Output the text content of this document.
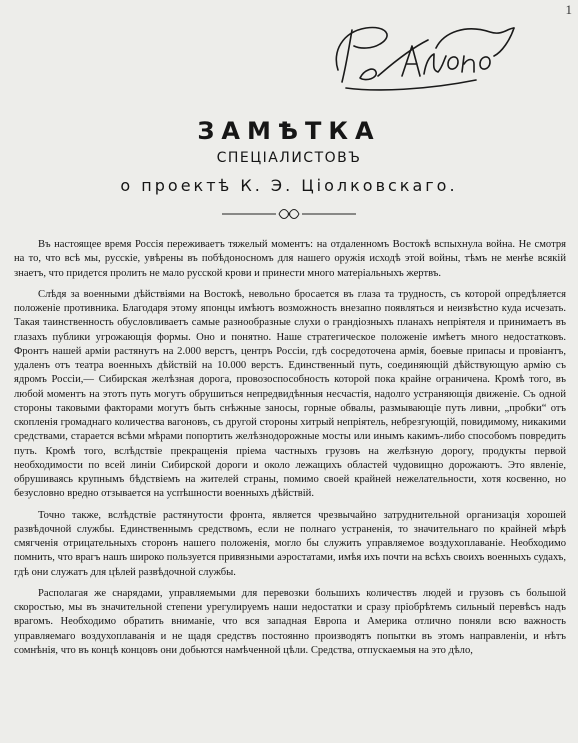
1
ЗАМѢТКА
СПЕЦІАЛИСТОВЪ
о проектѣ К. Э. Ціолковскаго.

Въ настоящее время Россія переживаетъ тяжелый моментъ: на отдаленномъ Востокѣ вспыхнула война. Не смотря на то, что всѣ мы, русскіе, увѣрены въ побѣдоносномъ для нашего оружія исходѣ этой войны, тѣмъ не менѣе всякій знаетъ, что придется пролить не мало русской крови и принести много матеріальныхъ жертвъ.

Слѣдя за военными дѣйствіями на Востокѣ, невольно бросается въ глаза та трудность, съ которой опредѣляется положеніе противника. Благодаря этому японцы имѣютъ возможность внезапно появляться и неизвѣстно куда исчезать. Такая таинственность обусловливаетъ самые разнообразные слухи о грандіозныхъ планахъ непріятеля и принимаетъ въ глазахъ публики угрожающія формы. Оно и понятно. Наше стратегическое положеніе имѣетъ много недостатковъ. Фронтъ нашей арміи растянутъ на 2.000 верстъ, центръ Россіи, гдѣ сосредоточена армія, боевые припасы и провіантъ, удаленъ отъ театра военныхъ дѣйствій на 10.000 верстъ. Единственный путь, соединяющій дѣйствующую армію съ ядромъ Россіи,— Сибирская желѣзная дорога, провозоспособность которой пока крайне ограничена. Кромѣ того, въ любой моментъ на этотъ путь могутъ обрушиться непредвидѣнныя несчастія, надолго устраняющія движеніе. Съ одной стороны таковыми факторами могутъ быть снѣжные заносы, горные обвалы, размывающіе путь ливни, „пробки“ отъ скопленія громаднаго количества вагоновъ, съ другой стороны хитрый непріятель, небрезгующій, повидимому, никакими средствами, старается всѣми мѣрами попортить желѣзнодорожные мосты или инымъ какимъ-либо способомъ повредить путь. Кромѣ того, вслѣдствіе прекращенія пріема частныхъ грузовъ на желѣзную дорогу, продукты первой необходимости по всей линіи Сибирской дороги и около лежащихъ областей чудовищно дорожаютъ. Это явленіе, обрушиваясь крупнымъ бѣдствіемъ на жителей страны, помимо своей крайней нежелательности, хотя косвенно, но безусловно вредно отзывается на успѣшности военныхъ дѣйствій.

Точно также, вслѣдствіе растянутости фронта, является чрезвычайно затруднительной организація хорошей развѣдочной службы. Единственнымъ средствомъ, если не полнаго устраненія, то значительнаго по крайней мѣрѣ смягченія отрицательныхъ сторонъ нашего положенія, могло бы служить управляемое воздухоплаваніе. Необходимо помнить, что врагъ нашъ широко пользуется привязными аэростатами, имѣя ихъ почти на всѣхъ своихъ военныхъ судахъ, гдѣ они служатъ для цѣлей развѣдочной службы.

Располагая же снарядами, управляемыми для перевозки большихъ количествъ людей и грузовъ съ большой скоростью, мы въ значительной степени урегулируемъ наши недостатки и сразу пріобрѣтемъ сильный перевѣсъ надъ врагомъ. Необходимо обратить вниманіе, что вся западная Европа и Америка отлично поняли всю важность управляемаго воздухоплаванія и не щадя средствъ постоянно производятъ попытки въ этомъ направленіи, и нѣтъ сомнѣнія, что въ концѣ концовъ они добьются намѣченной цѣли. Средства, отпускаемыя на это дѣло,
